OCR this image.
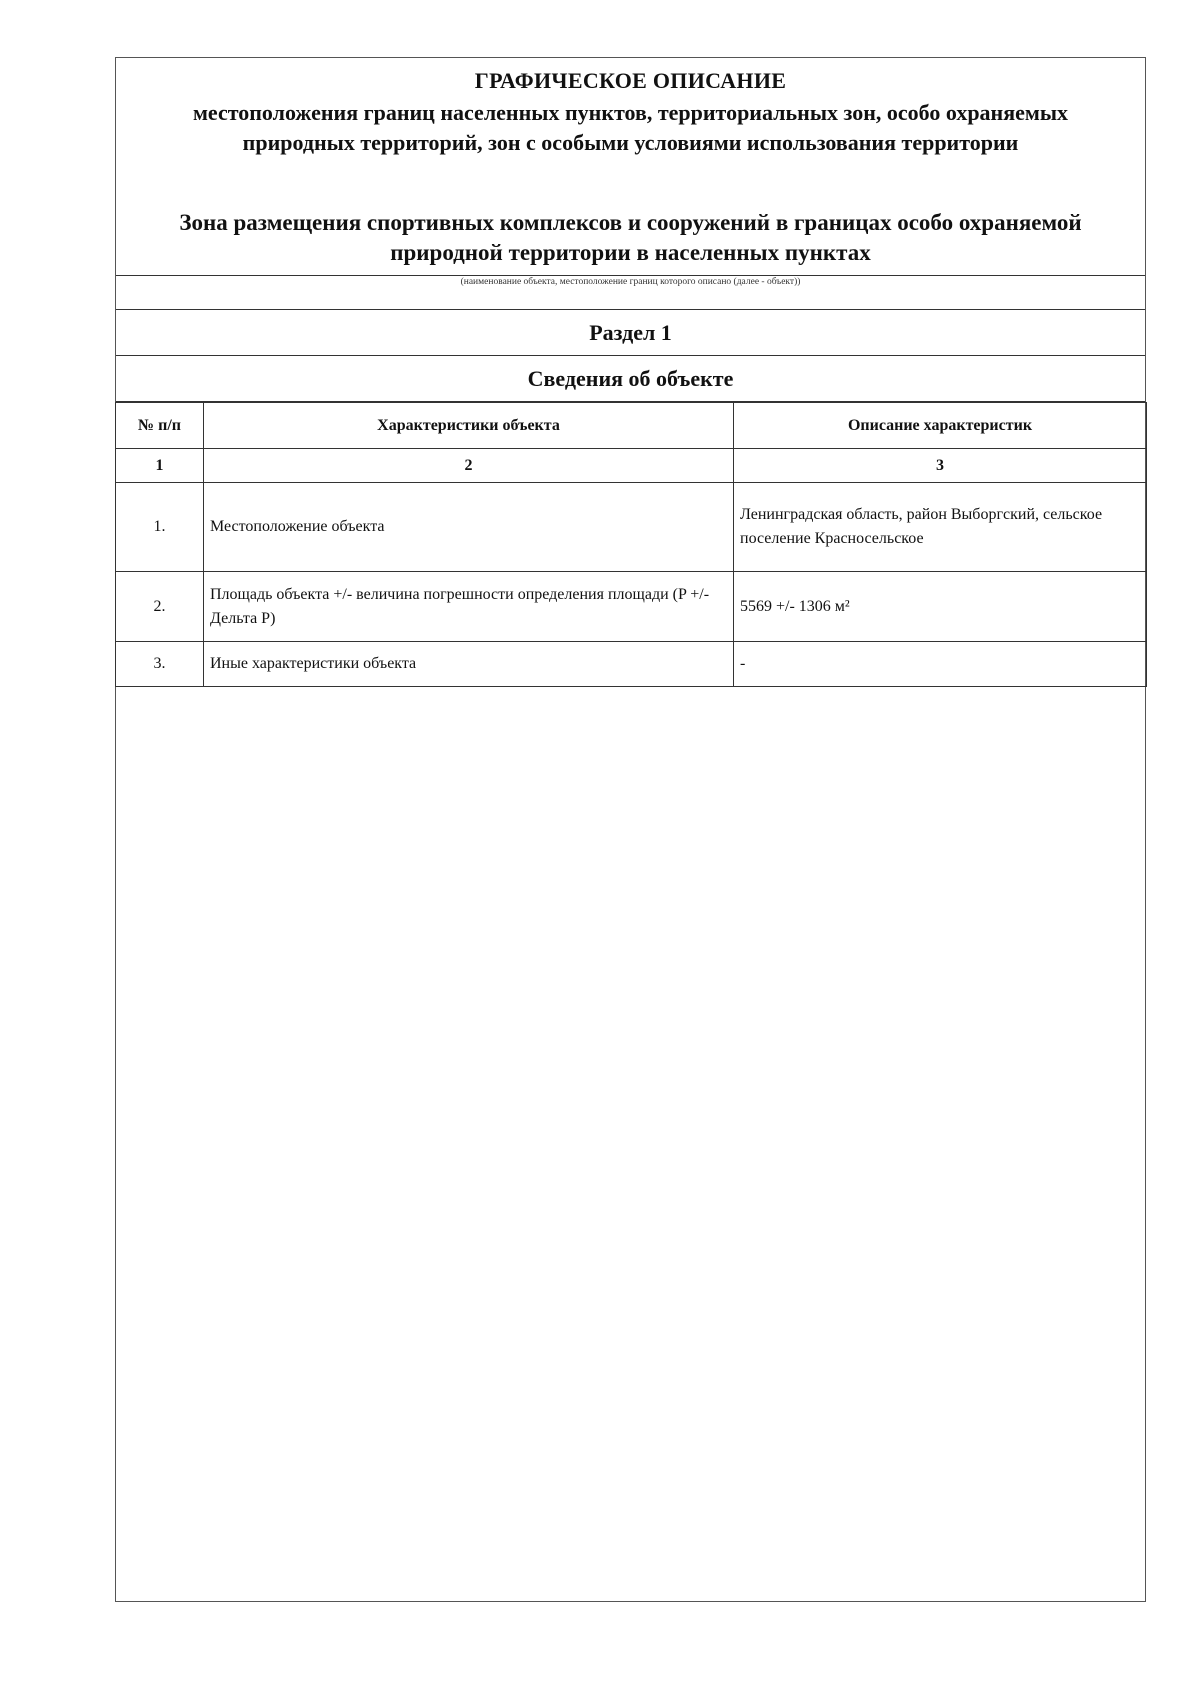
ГРАФИЧЕСКОЕ ОПИСАНИЕ
местоположения границ населенных пунктов, территориальных зон, особо охраняемых природных территорий, зон с особыми условиями использования территории
Зона размещения спортивных комплексов и сооружений в границах особо охраняемой природной территории в населенных пунктах
(наименование объекта, местоположение границ которого описано (далее - объект))
Раздел 1
Сведения об объекте
№ п/п	Характеристики объекта	Описание характеристик
1	2	3
1.	Местоположение объекта	Ленинградская область, район Выборгский, сельское поселение Красносельское
2.	Площадь объекта +/- величина погрешности определения площади (P +/- Дельта P)	5569 +/- 1306 м²
3.	Иные характеристики объекта	-
